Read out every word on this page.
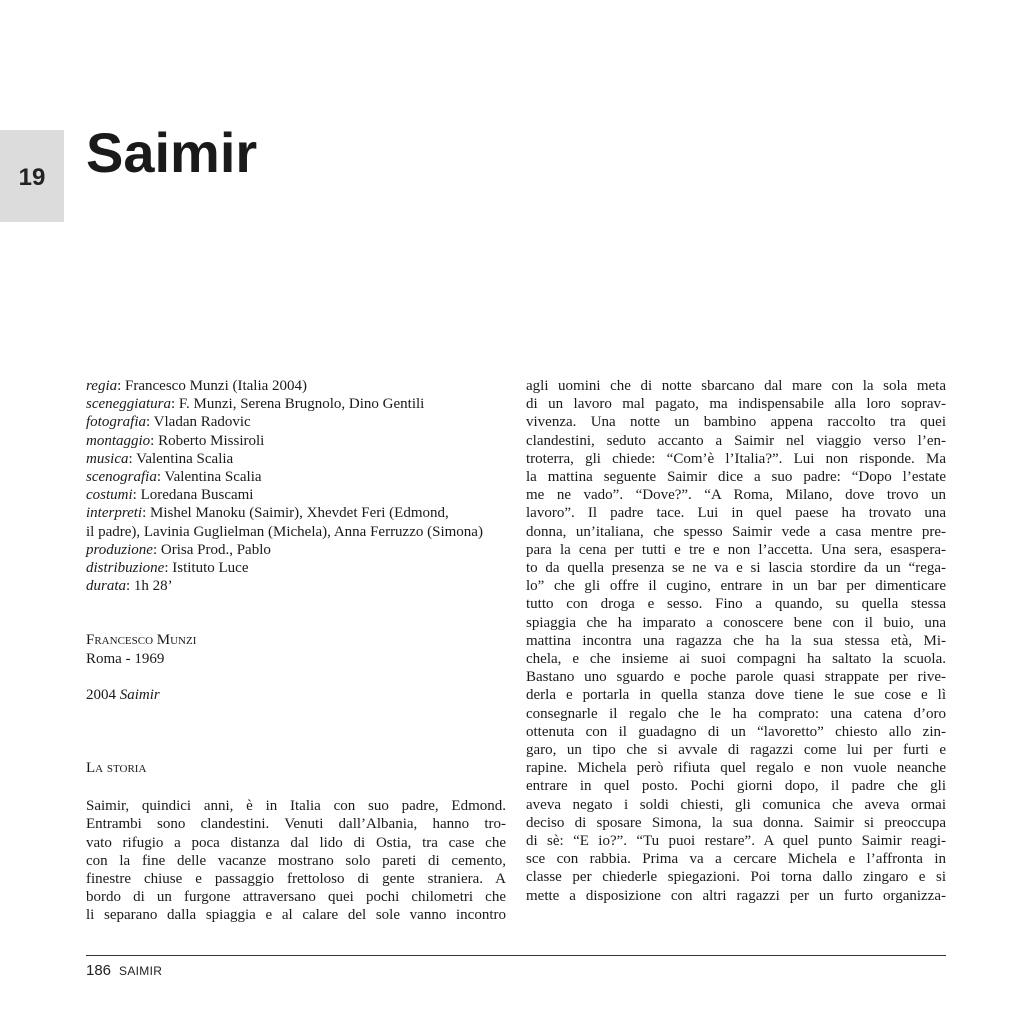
19 Saimir
regia: Francesco Munzi (Italia 2004)
sceneggiatura: F. Munzi, Serena Brugnolo, Dino Gentili
fotografia: Vladan Radovic
montaggio: Roberto Missiroli
musica: Valentina Scalia
scenografia: Valentina Scalia
costumi: Loredana Buscami
interpreti: Mishel Manoku (Saimir), Xhevdet Feri (Edmond,
il padre), Lavinia Guglielman (Michela), Anna Ferruzzo (Simona)
produzione: Orisa Prod., Pablo
distribuzione: Istituto Luce
durata: 1h 28’
Francesco Munzi
Roma - 1969
2004 Saimir
La storia
Saimir, quindici anni, è in Italia con suo padre, Edmond.
Entrambi sono clandestini. Venuti dall’Albania, hanno tro-
vato rifugio a poca distanza dal lido di Ostia, tra case che
con la fine delle vacanze mostrano solo pareti di cemento,
finestre chiuse e passaggio frettoloso di gente straniera. A
bordo di un furgone attraversano quei pochi chilometri che
li separano dalla spiaggia e al calare del sole vanno incontro
agli uomini che di notte sbarcano dal mare con la sola meta
di un lavoro mal pagato, ma indispensabile alla loro soprav-
vivenza. Una notte un bambino appena raccolto tra quei
clandestini, seduto accanto a Saimir nel viaggio verso l’en-
troterra, gli chiede: “Com’è l’Italia?”. Lui non risponde. Ma
la mattina seguente Saimir dice a suo padre: “Dopo l’estate
me ne vado”. “Dove?”. “A Roma, Milano, dove trovo un
lavoro”. Il padre tace. Lui in quel paese ha trovato una
donna, un’italiana, che spesso Saimir vede a casa mentre pre-
para la cena per tutti e tre e non l’accetta. Una sera, esaspera-
to da quella presenza se ne va e si lascia stordire da un “rega-
lo” che gli offre il cugino, entrare in un bar per dimenticare
tutto con droga e sesso. Fino a quando, su quella stessa
spiaggia che ha imparato a conoscere bene con il buio, una
mattina incontra una ragazza che ha la sua stessa età, Mi-
chela, e che insieme ai suoi compagni ha saltato la scuola.
Bastano uno sguardo e poche parole quasi strappate per rive-
derla e portarla in quella stanza dove tiene le sue cose e lì
consegnarle il regalo che le ha comprato: una catena d’oro
ottenuta con il guadagno di un “lavoretto” chiesto allo zin-
garo, un tipo che si avvale di ragazzi come lui per furti e
rapine. Michela però rifiuta quel regalo e non vuole neanche
entrare in quel posto. Pochi giorni dopo, il padre che gli
aveva negato i soldi chiesti, gli comunica che aveva ormai
deciso di sposare Simona, la sua donna. Saimir si preoccupa
di sè: “E io?”. “Tu puoi restare”. A quel punto Saimir reagi-
sce con rabbia. Prima va a cercare Michela e l’affronta in
classe per chiederle spiegazioni. Poi torna dallo zingaro e si
mette a disposizione con altri ragazzi per un furto organizza-
186 SAIMIR
